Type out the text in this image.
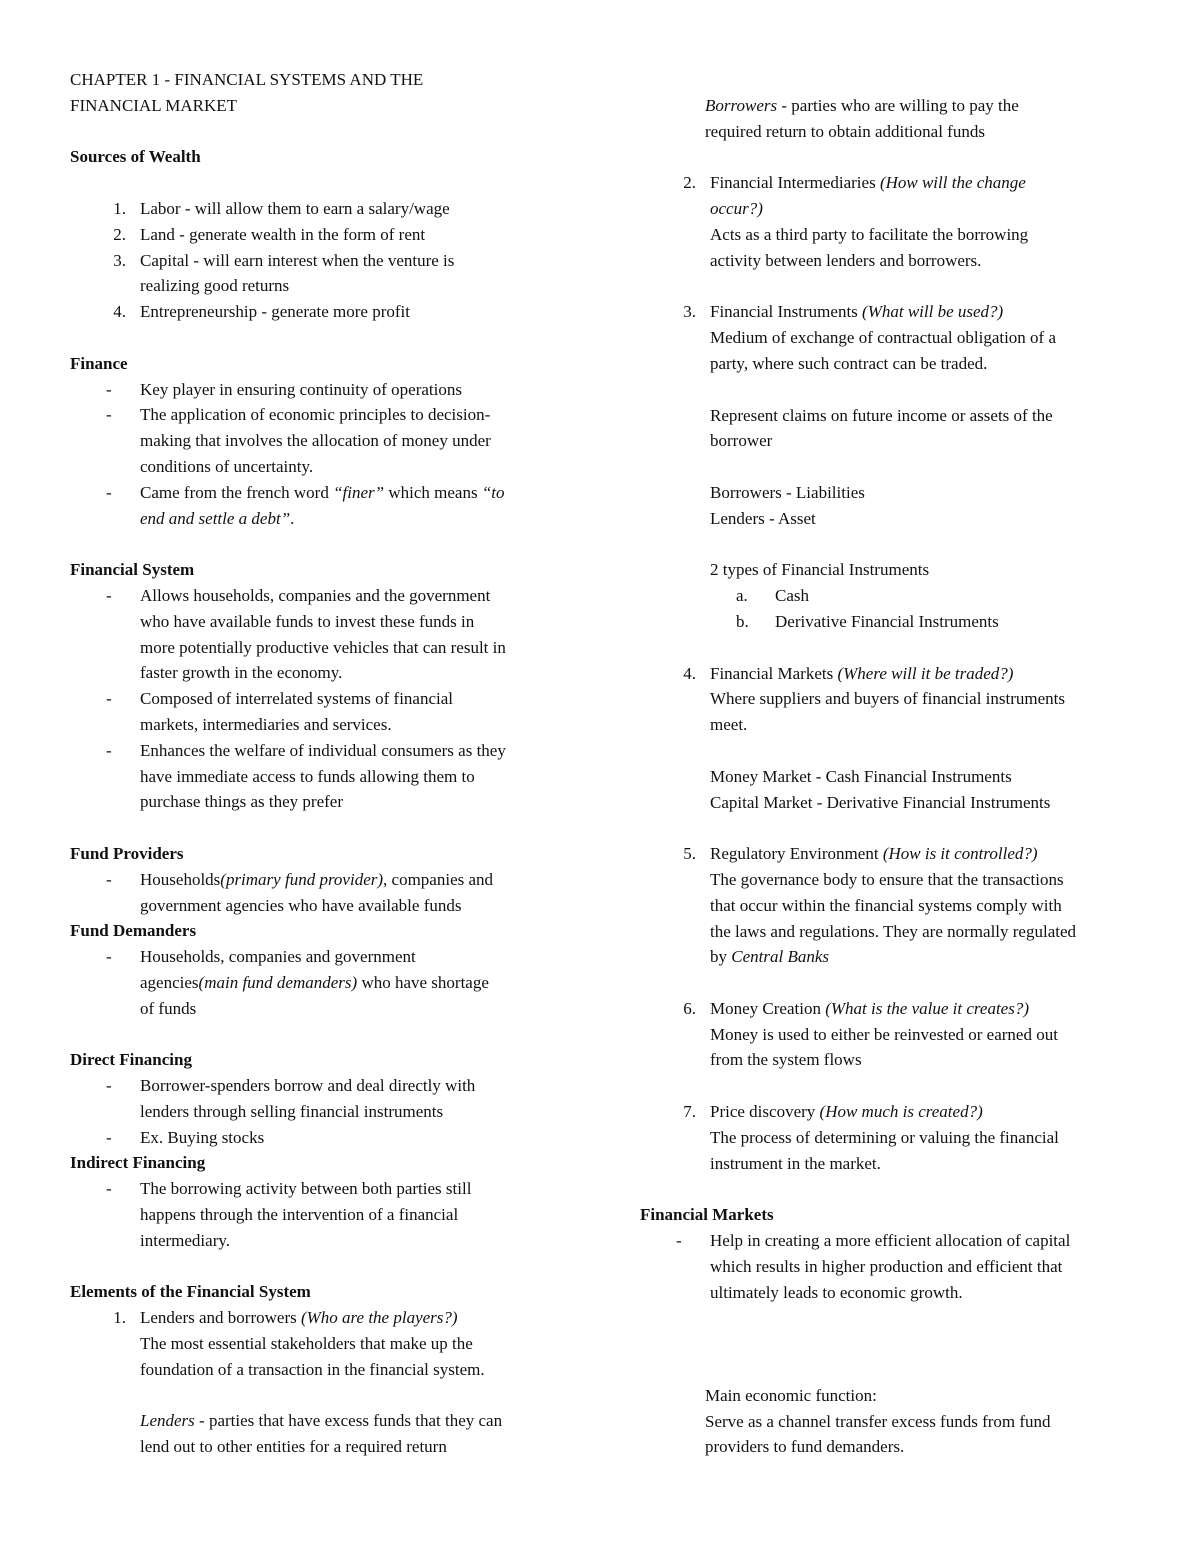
CHAPTER 1 - FINANCIAL SYSTEMS AND THE
FINANCIAL MARKET

Sources of Wealth

1. Labor - will allow them to earn a salary/wage
2. Land - generate wealth in the form of rent
3. Capital - will earn interest when the venture is
realizing good returns
4. Entrepreneurship - generate more profit

Finance

- Key player in ensuring continuity of operations
- The application of economic principles to decision-
making that involves the allocation of money under
conditions of uncertainty.
- Came from the french word “finer” which means “to
end and settle a debt”.

Financial System

- Allows households, companies and the government
who have available funds to invest these funds in
more potentially productive vehicles that can result in
faster growth in the economy.
- Composed of interrelated systems of financial
markets, intermediaries and services.
- Enhances the welfare of individual consumers as they
have immediate access to funds allowing them to
purchase things as they prefer

Fund Providers

- Households(primary fund provider), companies and
government agencies who have available funds

Fund Demanders

- Households, companies and government
agencies(main fund demanders) who have shortage
of funds

Direct Financing

- Borrower-spenders borrow and deal directly with
lenders through selling financial instruments
- Ex. Buying stocks

Indirect Financing

- The borrowing activity between both parties still
happens through the intervention of a financial
intermediary.

Elements of the Financial System

1. Lenders and borrowers (Who are the players?)
The most essential stakeholders that make up the
foundation of a transaction in the financial system.

Lenders - parties that have excess funds that they can
lend out to other entities for a required return
Borrowers - parties who are willing to pay the
required return to obtain additional funds
2. Financial Intermediaries (How will the change
occur?)
Acts as a third party to facilitate the borrowing
activity between lenders and borrowers.
3. Financial Instruments (What will be used?)
Medium of exchange of contractual obligation of a
party, where such contract can be traded.

Represent claims on future income or assets of the
borrower

Borrowers - Liabilities
Lenders - Asset

2 types of Financial Instruments
a. Cash
b. Derivative Financial Instruments
4. Financial Markets (Where will it be traded?)
Where suppliers and buyers of financial instruments
meet.

Money Market - Cash Financial Instruments
Capital Market - Derivative Financial Instruments
5. Regulatory Environment (How is it controlled?)
The governance body to ensure that the transactions
that occur within the financial systems comply with
the laws and regulations. They are normally regulated
by Central Banks
6. Money Creation (What is the value it creates?)
Money is used to either be reinvested or earned out
from the system flows
7. Price discovery (How much is created?)
The process of determining or valuing the financial
instrument in the market.

Financial Markets

- Help in creating a more efficient allocation of capital
which results in higher production and efficient that
ultimately leads to economic growth.
Main economic function:
Serve as a channel transfer excess funds from fund
providers to fund demanders.
